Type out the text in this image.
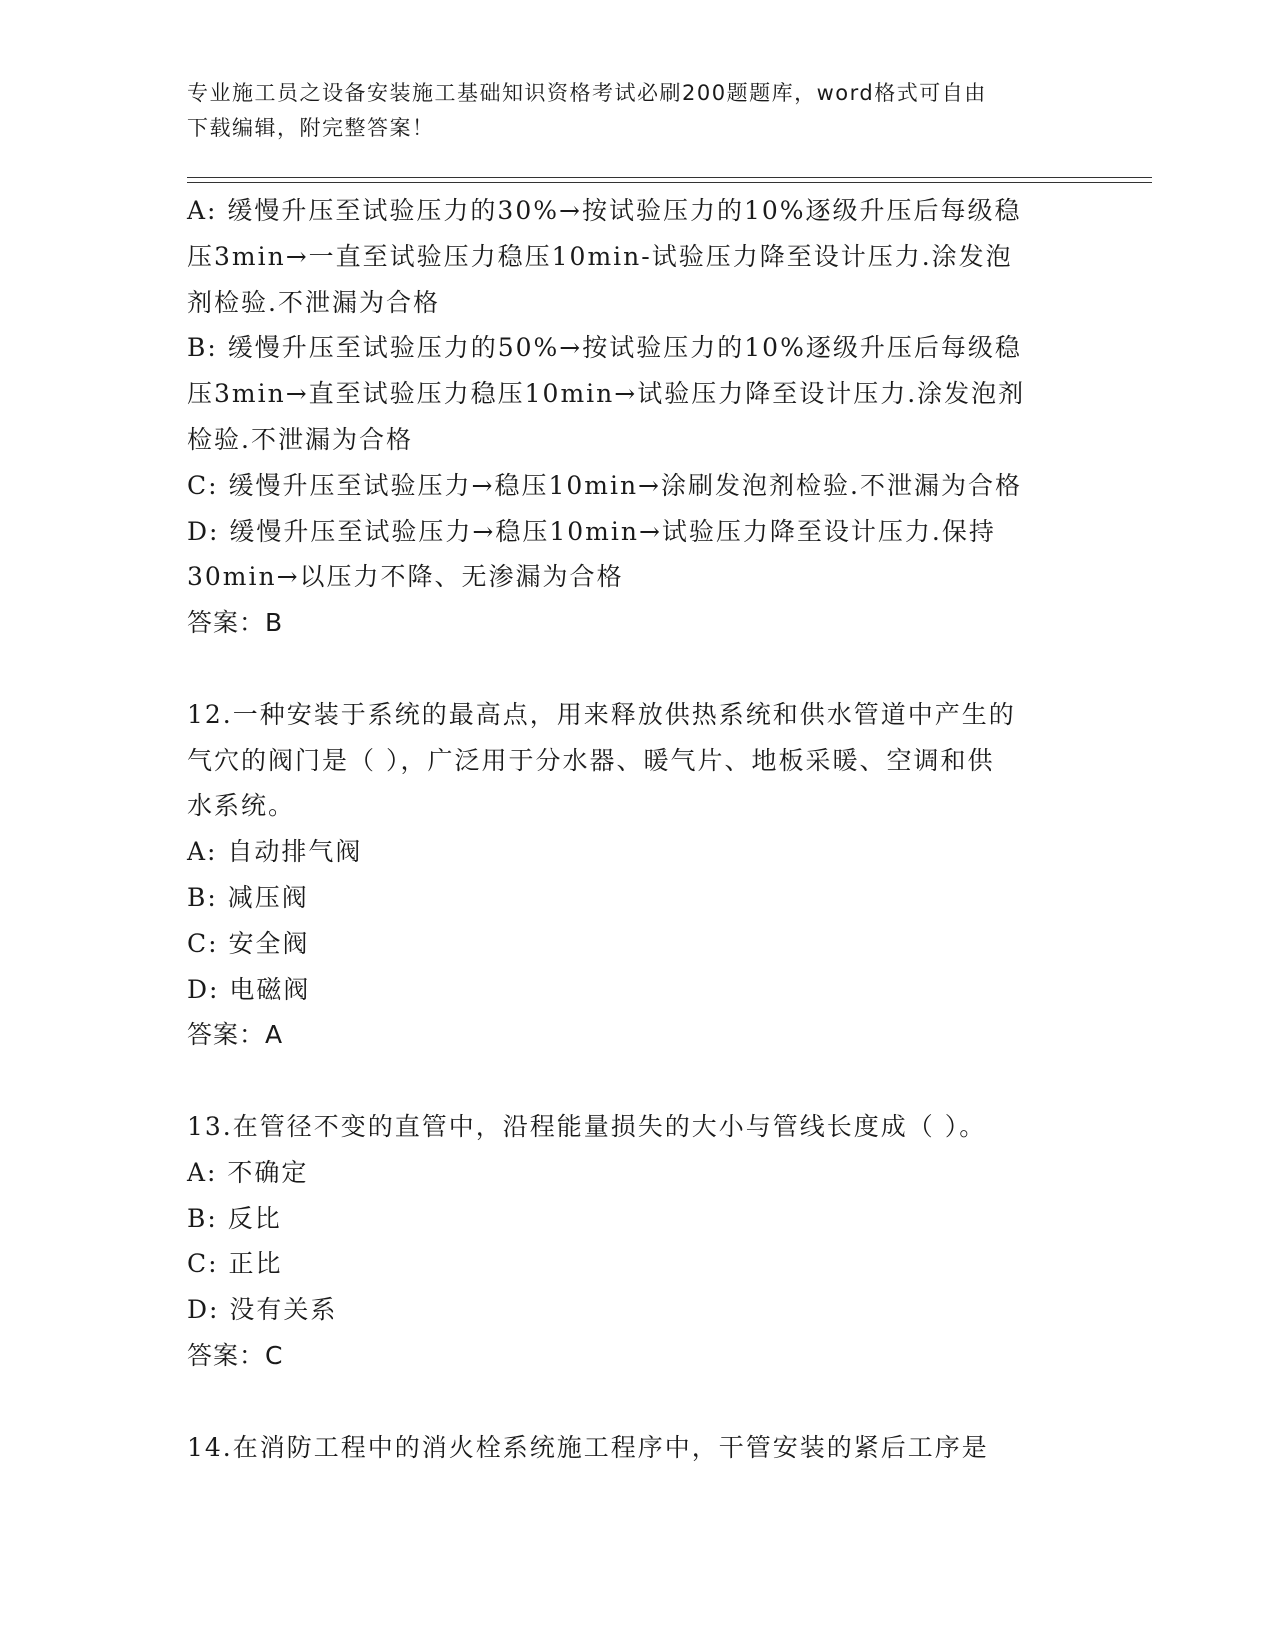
专业施工员之设备安装施工基础知识资格考试必刷200题题库，word格式可自由
下载编辑，附完整答案！

A: 缓慢升压至试验压力的30%→按试验压力的10%逐级升压后每级稳

压3min→一直至试验压力稳压10min-试验压力降至设计压力.涂发泡

剂检验.不泄漏为合格

B: 缓慢升压至试验压力的50%→按试验压力的10%逐级升压后每级稳

压3min→直至试验压力稳压10min→试验压力降至设计压力.涂发泡剂

检验.不泄漏为合格

C: 缓慢升压至试验压力→稳压10min→涂刷发泡剂检验.不泄漏为合格

D: 缓慢升压至试验压力→稳压10min→试验压力降至设计压力.保持

30min→以压力不降、无渗漏为合格

答案：B

12.一种安装于系统的最高点，用来释放供热系统和供水管道中产生的

气穴的阀门是（ ），广泛用于分水器、暖气片、地板采暖、空调和供

水系统。

A: 自动排气阀

B: 减压阀

C: 安全阀

D: 电磁阀

答案：A

13.在管径不变的直管中，沿程能量损失的大小与管线长度成（ ）。

A: 不确定

B: 反比

C: 正比

D: 没有关系

答案：C

14.在消防工程中的消火栓系统施工程序中，干管安装的紧后工序是
